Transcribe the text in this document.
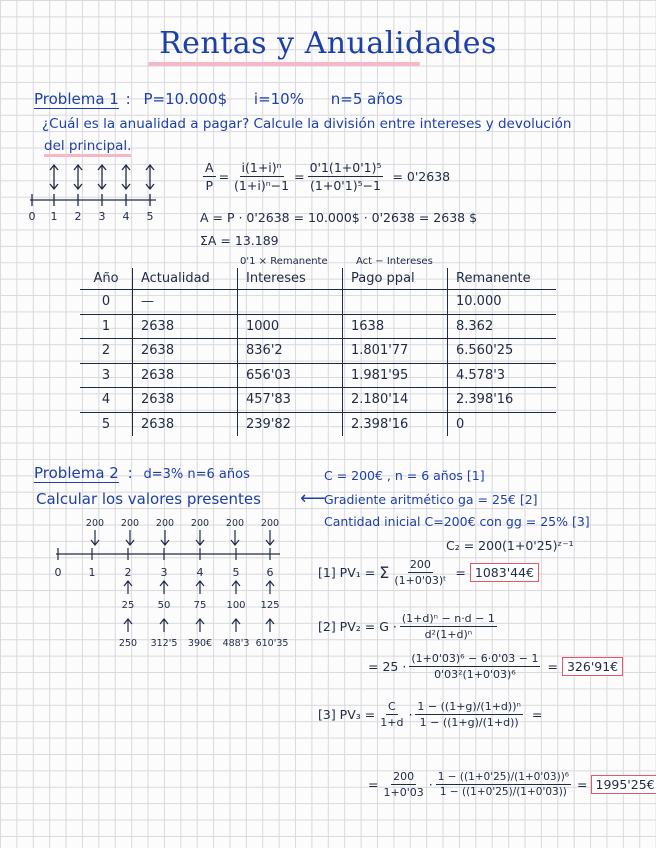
Rentas y Anualidades
Problema 1 : P=10.000$ i=10% n=5 años
¿Cuál es la anualidad a pagar? Calcule la división entre intereses y devolución
del principal.
0 1 2 3 4 5
$\frac{A}{P} = \frac{\text{i(1+i)ⁿ}}{\text{(1+i)ⁿ−1}} = \frac{\text{0'1(1+0'1)⁵}}{\text{(1+0'1)⁵−1}} = 0'2638$
A = P · 0'2638 = 10.000$ · 0'2638 = 2638 $
ΣA = 13.189
0'1 × Remanente	Act − Intereses
Año	Actualidad	Intereses	Pago ppal	Remanente
0	—			10.000
1	2638	1000	1638	8.362
2	2638	836'2	1.801'77	6.560'25
3	2638	656'03	1.981'95	4.578'3
4	2638	457'83	2.180'14	2.398'16
5	2638	239'82	2.398'16	0
Problema 2 : d=3% n=6 años	C = 200€ , n = 6 años [1]
Calcular los valores presentes ⟵
Gradiente aritmético ga = 25€ [2]
Cantidad inicial C=200€ con gg = 25% [3]
C₂ = 200(1+0'25)ᶻ⁻¹
200 200 200 200 200 200
0 1	2	3	4	5 6
25 50 75 100 125
250 312'5 390€ 488'3 610'35
[1] PV₁ = Σ $\frac{200}{\text{(1+0'03)ᵗ}}$ = 1083'44€
[2] $PV_2 = G \cdot \frac{\text{(1+d)ⁿ − n·d − 1}}{\text{d²(1+d)ⁿ}}$
= $25 \cdot \frac{\text{(1+0'03)⁶ − 6·0'03 − 1}}{\text{0'03²(1+0'03)⁶}}$ = 326'91€
[3] $PV_3 = \frac{C}{1+d} \cdot \frac{\text{1 − ((1+g)/(1+d))ⁿ}}{1 - ((1+g)/(1+d))}$ =
= $\frac{200}{1+0'03} \cdot \frac{\text{1 − ((1+0'25)/(1+0'03))⁶}}{1 - ((1+0'25)/(1+0'03))}$ = 1995'25€
